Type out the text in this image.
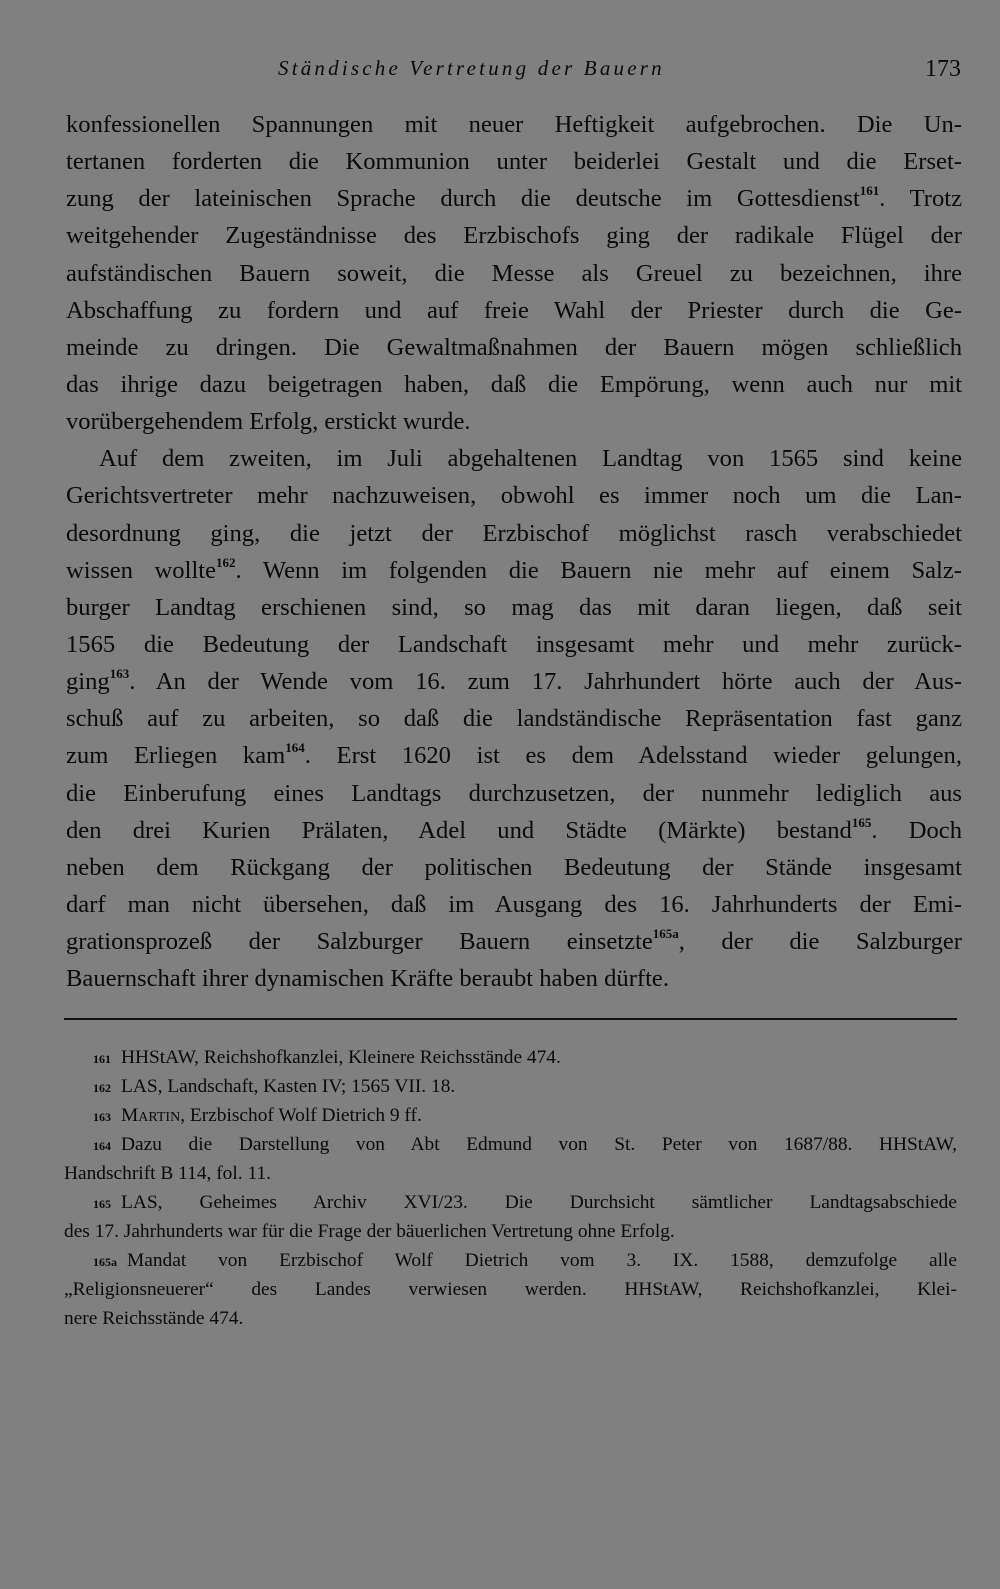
Ständische Vertretung der Bauern	173
konfessionellen Spannungen mit neuer Heftigkeit aufgebrochen. Die Un-
tertanen forderten die Kommunion unter beiderlei Gestalt und die Erset-
zung der lateinischen Sprache durch die deutsche im Gottesdienst$^{161}$. Trotz
weitgehender Zugeständnisse des Erzbischofs ging der radikale Flügel der
aufständischen Bauern soweit, die Messe als Greuel zu bezeichnen, ihre
Abschaffung zu fordern und auf freie Wahl der Priester durch die Ge-
meinde zu dringen. Die Gewaltmaßnahmen der Bauern mögen schließlich
das ihrige dazu beigetragen haben, daß die Empörung, wenn auch nur mit
vorübergehendem Erfolg, erstickt wurde.
Auf dem zweiten, im Juli abgehaltenen Landtag von 1565 sind keine
Gerichtsvertreter mehr nachzuweisen, obwohl es immer noch um die Lan-
desordnung ging, die jetzt der Erzbischof möglichst rasch verabschiedet
wissen wollte$^{162}$. Wenn im folgenden die Bauern nie mehr auf einem Salz-
burger Landtag erschienen sind, so mag das mit daran liegen, daß seit
1565 die Bedeutung der Landschaft insgesamt mehr und mehr zurück-
ging$^{163}$. An der Wende vom 16. zum 17. Jahrhundert hörte auch der Aus-
schuß auf zu arbeiten, so daß die landständische Repräsentation fast ganz
zum Erliegen kam$^{164}$. Erst 1620 ist es dem Adelsstand wieder gelungen,
die Einberufung eines Landtags durchzusetzen, der nunmehr lediglich aus
den drei Kurien Prälaten, Adel und Städte (Märkte) bestand$^{165}$. Doch
neben dem Rückgang der politischen Bedeutung der Stände insgesamt
darf man nicht übersehen, daß im Ausgang des 16. Jahrhunderts der Emi-
grationsprozeß der Salzburger Bauern einsetzte$^{165a}$, der die Salzburger
Bauernschaft ihrer dynamischen Kräfte beraubt haben dürfte.
161 HHStAW, Reichshofkanzlei, Kleinere Reichsstände 474.
162 LAS, Landschaft, Kasten IV; 1565 VII. 18.
163 Martin, Erzbischof Wolf Dietrich 9 ff.
164 Dazu die Darstellung von Abt Edmund von St. Peter von 1687/88. HHStAW,
Handschrift B 114, fol. 11.
165 LAS, Geheimes Archiv XVI/23. Die Durchsicht sämtlicher Landtagsabschiede
des 17. Jahrhunderts war für die Frage der bäuerlichen Vertretung ohne Erfolg.
165a Mandat von Erzbischof Wolf Dietrich vom 3. IX. 1588, demzufolge alle
„Religionsneuerer“ des Landes verwiesen werden. HHStAW, Reichshofkanzlei, Klei-
nere Reichsstände 474.
